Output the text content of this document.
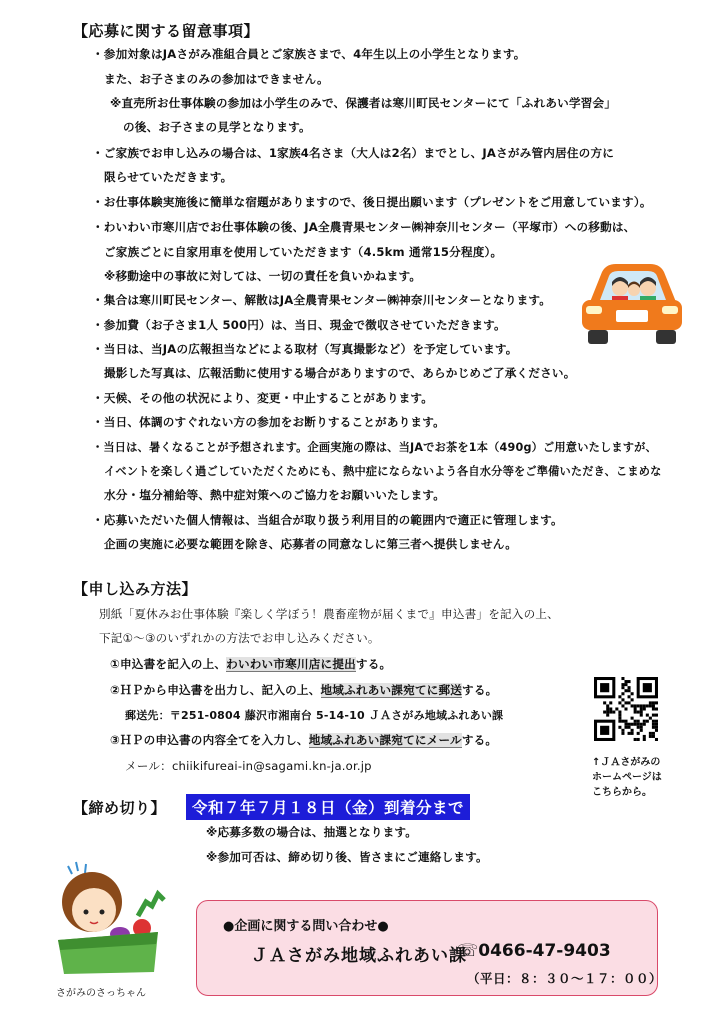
【応募に関する留意事項】
・参加対象はJAさがみ准組合員とご家族さまで、4年生以上の小学生となります。
また、お子さまのみの参加はできません。
※直売所お仕事体験の参加は小学生のみで、保護者は寒川町民センターにて「ふれあい学習会」
の後、お子さまの見学となります。
・ご家族でお申し込みの場合は、1家族4名さま（大人は2名）までとし、JAさがみ管内居住の方に
限らせていただきます。
・お仕事体験実施後に簡単な宿題がありますので、後日提出願います（プレゼントをご用意しています）。
・わいわい市寒川店でお仕事体験の後、JA全農青果センター㈱神奈川センター（平塚市）への移動は、
ご家族ごとに自家用車を使用していただきます（4.5km 通常15分程度）。
※移動途中の事故に対しては、一切の責任を負いかねます。
・集合は寒川町民センター、解散はJA全農青果センター㈱神奈川センターとなります。
・参加費（お子さま1人 500円）は、当日、現金で徴収させていただきます。
・当日は、当JAの広報担当などによる取材（写真撮影など）を予定しています。
撮影した写真は、広報活動に使用する場合がありますので、あらかじめご了承ください。
・天候、その他の状況により、変更・中止することがあります。
・当日、体調のすぐれない方の参加をお断りすることがあります。
・当日は、暑くなることが予想されます。企画実施の際は、当JAでお茶を1本（490g）ご用意いたしますが、
イベントを楽しく過ごしていただくためにも、熱中症にならないよう各自水分等をご準備いただき、こまめな
水分・塩分補給等、熱中症対策へのご協力をお願いいたします。
・応募いただいた個人情報は、当組合が取り扱う利用目的の範囲内で適正に管理します。
企画の実施に必要な範囲を除き、応募者の同意なしに第三者へ提供しません。
【申し込み方法】
別紙「夏休みお仕事体験『楽しく学ぼう！農畜産物が届くまで』申込書」を記入の上、
下記①～③のいずれかの方法でお申し込みください。
①申込書を記入の上、わいわい市寒川店に提出する。
②ＨＰから申込書を出力し、記入の上、地域ふれあい課宛てに郵送する。
郵送先：〒251-0804 藤沢市湘南台 5-14-10 ＪＡさがみ地域ふれあい課
③ＨＰの申込書の内容全てを入力し、地域ふれあい課宛てにメールする。
メール：chiikifureai-in@sagami.kn-ja.or.jp	↑ＪＡさがみの
ホームページは
こちらから。
【締め切り】	令和７年７月１８日（金）到着分まで
※応募多数の場合は、抽選となります。
※参加可否は、締め切り後、皆さまにご連絡します。
さがみのさっちゃん
●企画に関する問い合わせ●
ＪＡさがみ地域ふれあい課
☏0466-47-9403
（平日：８：３０～１７：００）
